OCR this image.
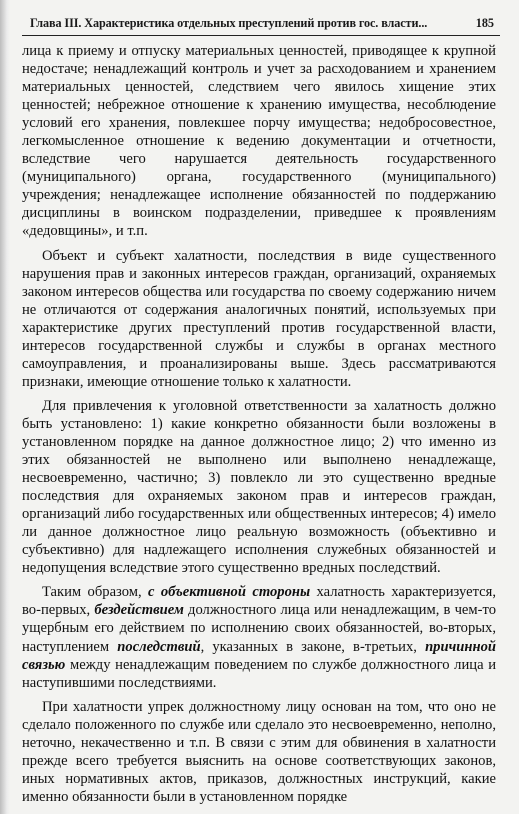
Глава III. Характеристика отдельных преступлений против гос. власти...	185

лица к приему и отпуску материальных ценностей, приводящее к крупной недостаче; ненадлежащий контроль и учет за расходованием и хранением материальных ценностей, следствием чего явилось хищение этих ценностей; небрежное отношение к хранению имущества, несоблюдение условий его хранения, повлекшее порчу имущества; недобросовестное, легкомысленное отношение к ведению документации и отчетности, вследствие чего нарушается деятельность государственного (муниципального) органа, государственного (муниципального) учреждения; ненадлежащее исполнение обязанностей по поддержанию дисциплины в воинском подразделении, приведшее к проявлениям «дедовщины», и т.п.

Объект и субъект халатности, последствия в виде существенного нарушения прав и законных интересов граждан, организаций, охраняемых законом интересов общества или государства по своему содержанию ничем не отличаются от содержания аналогичных понятий, используемых при характеристике других преступлений против государственной власти, интересов государственной службы и службы в органах местного самоуправления, и проанализированы выше. Здесь рассматриваются признаки, имеющие отношение только к халатности.

Для привлечения к уголовной ответственности за халатность должно быть установлено: 1) какие конкретно обязанности были возложены в установленном порядке на данное должностное лицо; 2) что именно из этих обязанностей не выполнено или выполнено ненадлежаще, несвоевременно, частично; 3) повлекло ли это существенно вредные последствия для охраняемых законом прав и интересов граждан, организаций либо государственных или общественных интересов; 4) имело ли данное должностное лицо реальную возможность (объективно и субъективно) для надлежащего исполнения служебных обязанностей и недопущения вследствие этого существенно вредных последствий.

Таким образом, с объективной стороны халатность характеризуется, во-первых, бездействием должностного лица или ненадлежащим, в чем-то ущербным его действием по исполнению своих обязанностей, во-вторых, наступлением последствий, указанных в законе, в-третьих, причинной связью между ненадлежащим поведением по службе должностного лица и наступившими последствиями.

При халатности упрек должностному лицу основан на том, что оно не сделало положенного по службе или сделало это несвоевременно, неполно, неточно, некачественно и т.п. В связи с этим для обвинения в халатности прежде всего требуется выяснить на основе соответствующих законов, иных нормативных актов, приказов, должностных инструкций, какие именно обязанности были в установленном порядке
